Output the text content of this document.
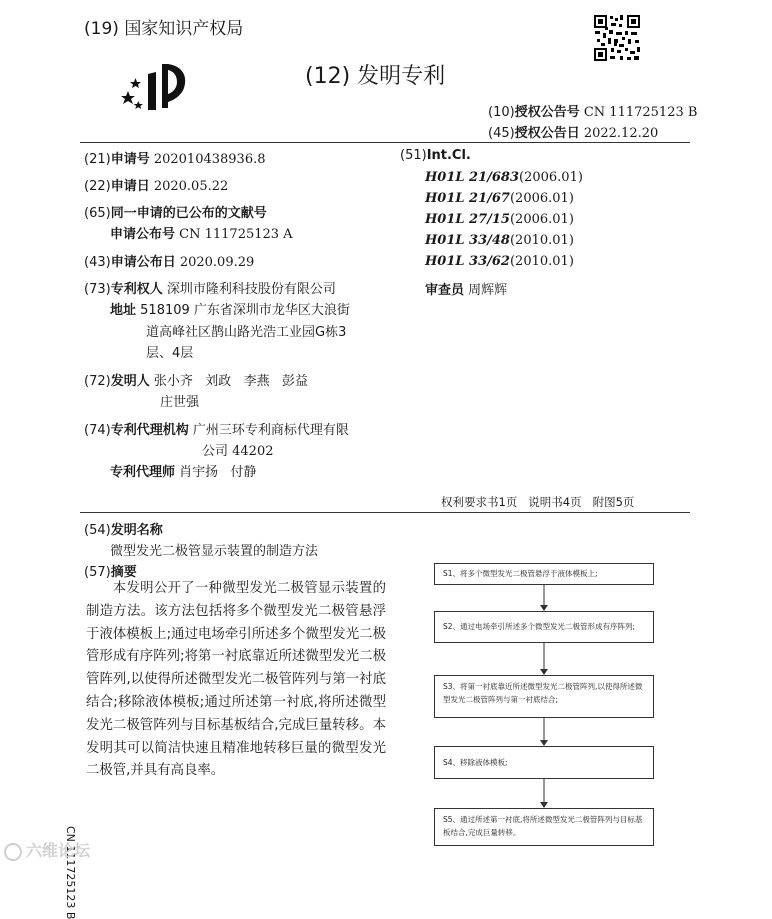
(19) 国家知识产权局
(12) 发明专利
(10)授权公告号 CN 111725123 B
(45)授权公告日 2022.12.20
(21)申请号 202010438936.8
(22)申请日 2020.05.22
(65)同一申请的已公布的文献号
申请公布号 CN 111725123 A
(43)申请公布日 2020.09.29
(73)专利权人 深圳市隆利科技股份有限公司
地址 518109 广东省深圳市龙华区大浪街
道高峰社区鹊山路光浩工业园G栋3
层、4层
(72)发明人 张小齐   刘政   李燕   彭益
庄世强
(74)专利代理机构 广州三环专利商标代理有限
公司 44202
专利代理师 肖宇扬   付静
(51)Int.Cl.
H01L 21/683(2006.01)
H01L 21/67(2006.01)
H01L 27/15(2006.01)
H01L 33/48(2010.01)
H01L 33/62(2010.01)
审查员 周辉辉
权利要求书1页   说明书4页   附图5页
(54)发明名称
微型发光二极管显示装置的制造方法
(57)摘要
本发明公开了一种微型发光二极管显示装置的制造方法。该方法包括将多个微型发光二极管悬浮于液体模板上;通过电场牵引所述多个微型发光二极管形成有序阵列;将第一衬底靠近所述微型发光二极管阵列,以使得所述微型发光二极管阵列与第一衬底结合;移除液体模板;通过所述第一衬底,将所述微型发光二极管阵列与目标基板结合,完成巨量转移。本发明其可以简洁快速且精准地转移巨量的微型发光二极管,并具有高良率。
S1、将多个微型发光二极管悬浮于液体模板上;
S2、通过电场牵引所述多个微型发光二极管形成有序阵列;
S3、将第一衬底靠近所述微型发光二极管阵列,以使得所述微型发光二极管阵列与第一衬底结合;
S4、移除液体模板;
S5、通过所述第一衬底,将所述微型发光二极管阵列与目标基板结合,完成巨量转移。
CN 111725123 B
六维论坛
